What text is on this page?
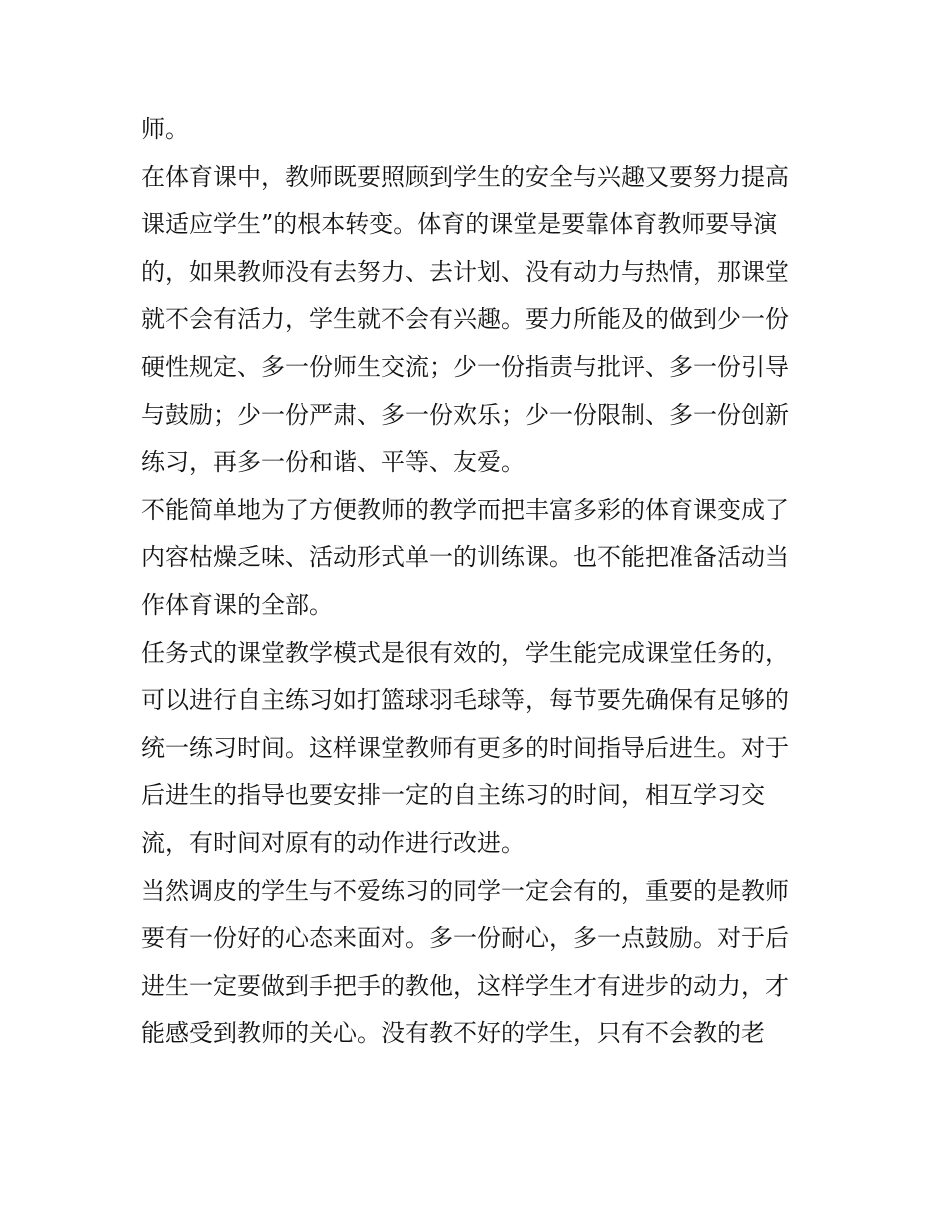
师。
在体育课中，教师既要照顾到学生的安全与兴趣又要努力提高
课适应学生”的根本转变。体育的课堂是要靠体育教师要导演
的，如果教师没有去努力、去计划、没有动力与热情，那课堂
就不会有活力，学生就不会有兴趣。要力所能及的做到少一份
硬性规定、多一份师生交流；少一份指责与批评、多一份引导
与鼓励；少一份严肃、多一份欢乐；少一份限制、多一份创新
练习，再多一份和谐、平等、友爱。
不能简单地为了方便教师的教学而把丰富多彩的体育课变成了
内容枯燥乏味、活动形式单一的训练课。也不能把准备活动当
作体育课的全部。
任务式的课堂教学模式是很有效的，学生能完成课堂任务的，
可以进行自主练习如打篮球羽毛球等，每节要先确保有足够的
统一练习时间。这样课堂教师有更多的时间指导后进生。对于
后进生的指导也要安排一定的自主练习的时间，相互学习交
流，有时间对原有的动作进行改进。
当然调皮的学生与不爱练习的同学一定会有的，重要的是教师
要有一份好的心态来面对。多一份耐心，多一点鼓励。对于后
进生一定要做到手把手的教他，这样学生才有进步的动力，才
能感受到教师的关心。没有教不好的学生，只有不会教的老
